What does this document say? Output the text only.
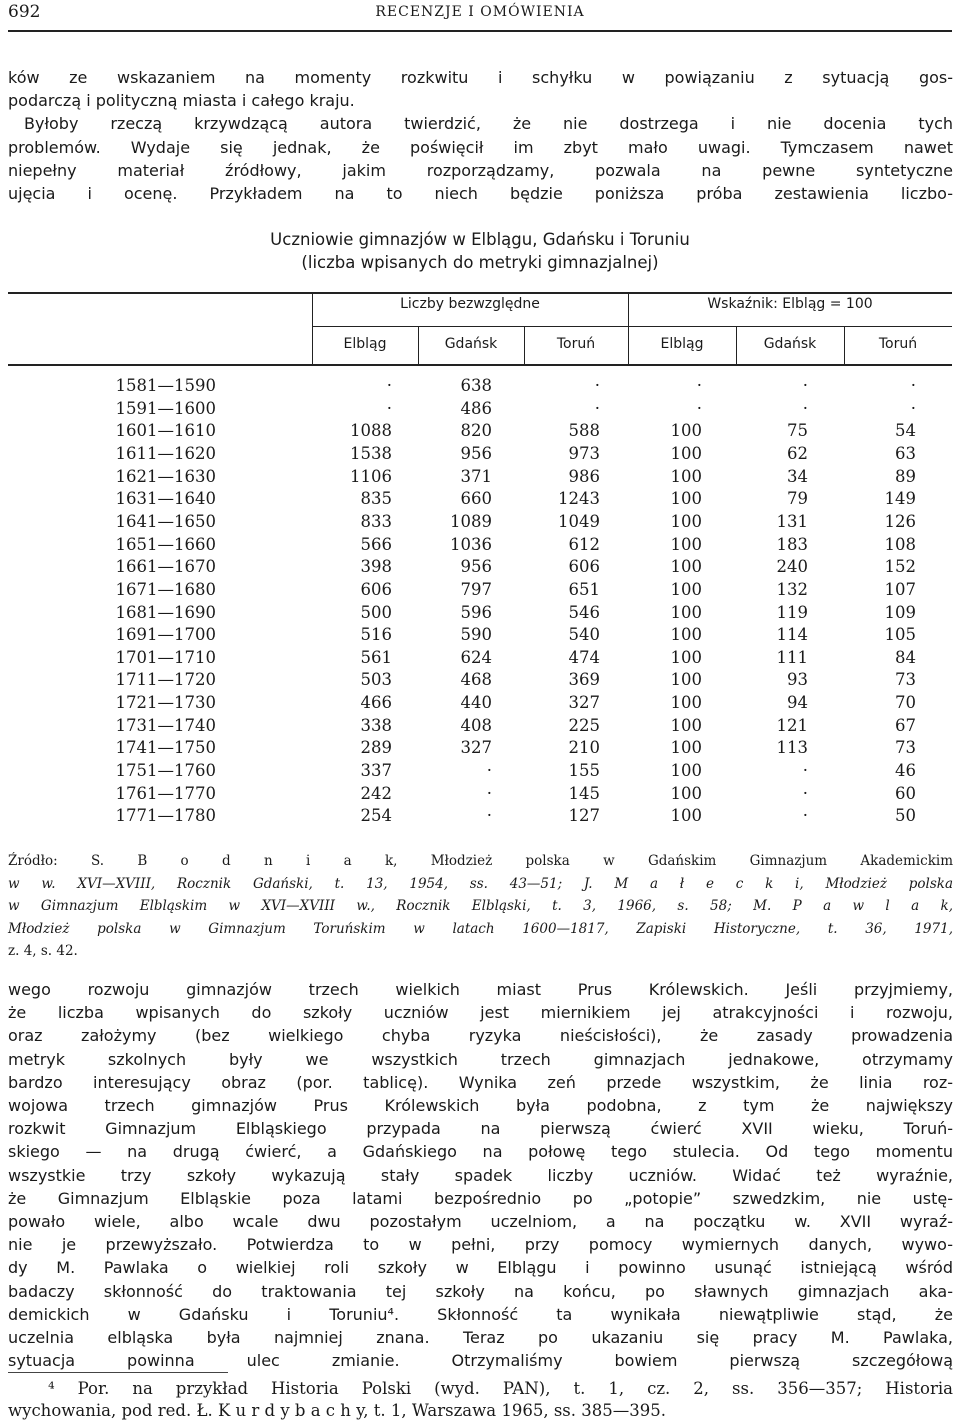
692	RECENZJE I OMÓWIENIA
ków ze wskazaniem na momenty rozkwitu i schyłku w powiązaniu z sytuacją gos-
podarczą i polityczną miasta i całego kraju.
Byłoby rzeczą krzywdzącą autora twierdzić, że nie dostrzega i nie docenia tych
problemów. Wydaje się jednak, że poświęcił im zbyt mało uwagi. Tymczasem nawet
niepełny materiał źródłowy, jakim rozporządzamy, pozwala na pewne syntetyczne
ujęcia i ocenę. Przykładem na to niech będzie poniższa próba zestawienia liczbo-
Uczniowie gimnazjów w Elblągu, Gdańsku i Toruniu
(liczba wpisanych do metryki gimnazjalnej)
Liczby bezwzględne	Wskaźnik: Elbląg = 100
Elbląg	Gdańsk	Toruń	Elbląg	Gdańsk	Toruń
1581—1590	·	638	·	·	·	·
1591—1600	·	486	·	·	·	·
1601—1610	1088	820	588	100	75	54
1611—1620	1538	956	973	100	62	63
1621—1630	1106	371	986	100	34	89
1631—1640	835	660	1243	100	79	149
1641—1650	833	1089	1049	100	131	126
1651—1660	566	1036	612	100	183	108
1661—1670	398	956	606	100	240	152
1671—1680	606	797	651	100	132	107
1681—1690	500	596	546	100	119	109
1691—1700	516	590	540	100	114	105
1701—1710	561	624	474	100	111	84
1711—1720	503	468	369	100	93	73
1721—1730	466	440	327	100	94	70
1731—1740	338	408	225	100	121	67
1741—1750	289	327	210	100	113	73
1751—1760	337	·	155	100	·	46
1761—1770	242	·	145	100	·	60
1771—1780	254	·	127	100	·	50
Źródło: S. B o d n i a k, Młodzież polska w Gdańskim Gimnazjum Akademickim
w w. XVI—XVIII, Rocznik Gdański, t. 13, 1954, ss. 43—51; J. M a ł e c k i, Młodzież polska
w Gimnazjum Elbląskim w XVI—XVIII w., Rocznik Elbląski, t. 3, 1966, s. 58; M. P a w l a k,
Młodzież polska w Gimnazjum Toruńskim w latach 1600—1817, Zapiski Historyczne, t. 36, 1971,
z. 4, s. 42.
wego rozwoju gimnazjów trzech wielkich miast Prus Królewskich. Jeśli przyjmiemy,
że liczba wpisanych do szkoły uczniów jest miernikiem jej atrakcyjności i rozwoju,
oraz założymy (bez wielkiego chyba ryzyka nieścisłości), że zasady prowadzenia
metryk szkolnych były we wszystkich trzech gimnazjach jednakowe, otrzymamy
bardzo interesujący obraz (por. tablicę). Wynika zeń przede wszystkim, że linia roz-
wojowa trzech gimnazjów Prus Królewskich była podobna, z tym że największy
rozkwit Gimnazjum Elbląskiego przypada na pierwszą ćwierć XVII wieku, Toruń-
skiego — na drugą ćwierć, a Gdańskiego na połowę tego stulecia. Od tego momentu
wszystkie trzy szkoły wykazują stały spadek liczby uczniów. Widać też wyraźnie,
że Gimnazjum Elbląskie poza latami bezpośrednio po „potopie” szwedzkim, nie ustę-
powało wiele, albo wcale dwu pozostałym uczelniom, a na początku w. XVII wyraź-
nie je przewyższało. Potwierdza to w pełni, przy pomocy wymiernych danych, wywo-
dy M. Pawlaka o wielkiej roli szkoły w Elblągu i powinno usunąć istniejącą wśród
badaczy skłonność do traktowania tej szkoły na końcu, po sławnych gimnazjach aka-
demickich w Gdańsku i Toruniu⁴. Skłonność ta wynikała niewątpliwie stąd, że
uczelnia elbląska była najmniej znana. Teraz po ukazaniu się pracy M. Pawlaka,
sytuacja powinna ulec zmianie. Otrzymaliśmy bowiem pierwszą szczegółową
⁴ Por. na przykład Historia Polski (wyd. PAN), t. 1, cz. 2, ss. 356—357; Historia
wychowania, pod red. Ł. K u r d y b a c h y, t. 1, Warszawa 1965, ss. 385—395.
